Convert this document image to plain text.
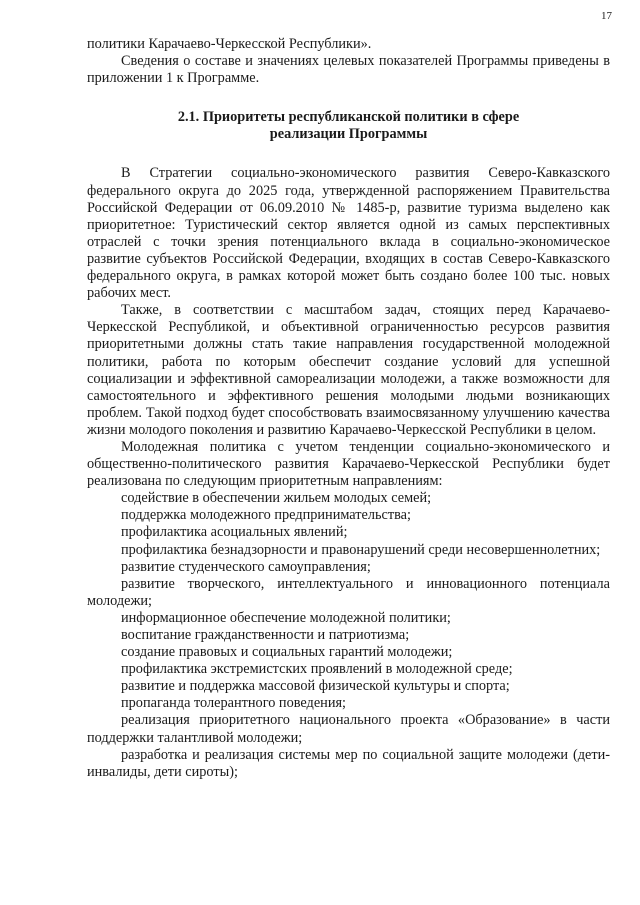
17

политики Карачаево-Черкесской Республики».

Сведения о составе и значениях целевых показателей Программы приведены в приложении 1 к Программе.

2.1. Приоритеты республиканской политики в сфере
реализации Программы

В Стратегии социально-экономического развития Северо-Кавказского федерального округа до 2025 года, утвержденной распоряжением Правительства Российской Федерации от 06.09.2010 № 1485-р, развитие туризма выделено как приоритетное: Туристический сектор является одной из самых перспективных отраслей с точки зрения потенциального вклада в социально-экономическое развитие субъектов Российской Федерации, входящих в состав Северо-Кавказского федерального округа, в рамках которой может быть создано более 100 тыс. новых рабочих мест.

Также, в соответствии с масштабом задач, стоящих перед Карачаево-Черкесской Республикой, и объективной ограниченностью ресурсов развития приоритетными должны стать такие направления государственной молодежной политики, работа по которым обеспечит создание условий для успешной социализации и эффективной самореализации молодежи, а также возможности для самостоятельного и эффективного решения молодыми людьми возникающих проблем. Такой подход будет способствовать взаимосвязанному улучшению качества жизни молодого поколения и развитию Карачаево-Черкесской Республики в целом.

Молодежная политика с учетом тенденции социально-экономического и общественно-политического развития Карачаево-Черкесской Республики будет реализована по следующим приоритетным направлениям:

содействие в обеспечении жильем молодых семей;

поддержка молодежного предпринимательства;

профилактика асоциальных явлений;

профилактика безнадзорности и правонарушений среди несовершеннолетних;

развитие студенческого самоуправления;

развитие творческого, интеллектуального и инновационного потенциала молодежи;

информационное обеспечение молодежной политики;

воспитание гражданственности и патриотизма;

создание правовых и социальных гарантий молодежи;

профилактика экстремистских проявлений в молодежной среде;

развитие и поддержка массовой физической культуры и спорта;

пропаганда толерантного поведения;

реализация приоритетного национального проекта «Образование» в части поддержки талантливой молодежи;

разработка и реализация системы мер по социальной защите молодежи (дети-инвалиды, дети сироты);
